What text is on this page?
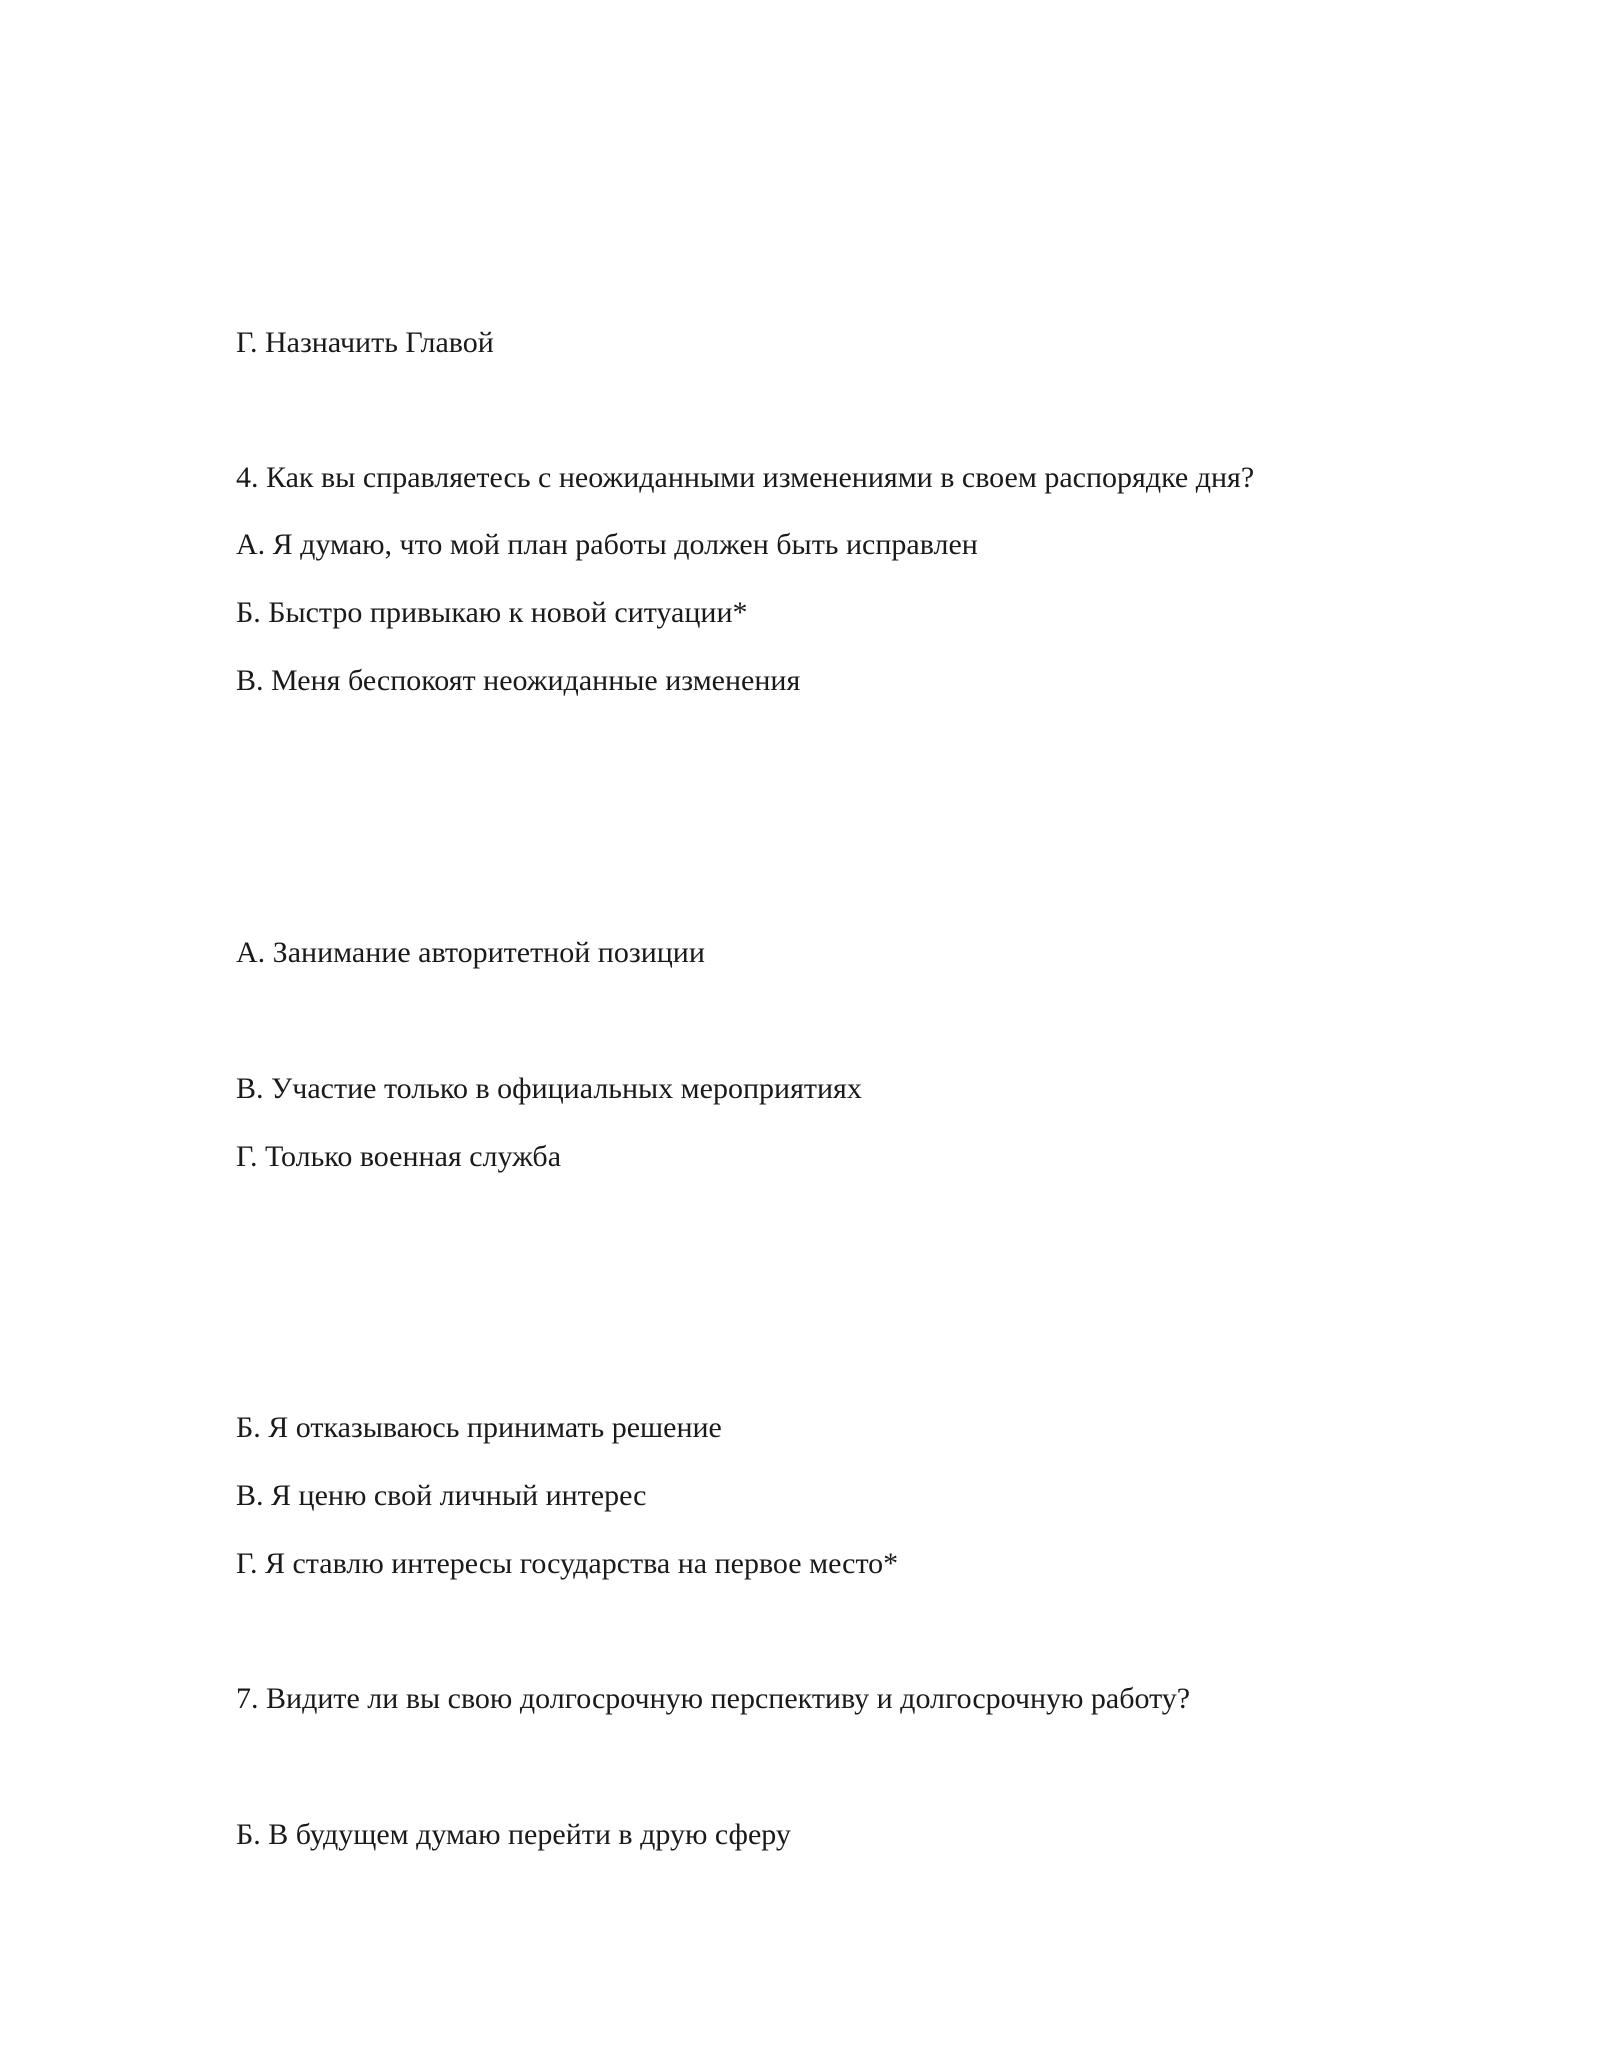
Г. Назначить Главой

4. Как вы справляетесь с неожиданными изменениями в своем распорядке дня?

А. Я думаю, что мой план работы должен быть исправлен

Б. Быстро привыкаю к новой ситуации*

В. Меня беспокоят неожиданные изменения

А. Занимание авторитетной позиции

В. Участие только в официальных мероприятиях

Г. Только военная служба

Б. Я отказываюсь принимать решение

В. Я ценю свой личный интерес

Г. Я ставлю интересы государства на первое место*

7. Видите ли вы свою долгосрочную перспективу и долгосрочную работу?

Б. В будущем думаю перейти в друю сферу
